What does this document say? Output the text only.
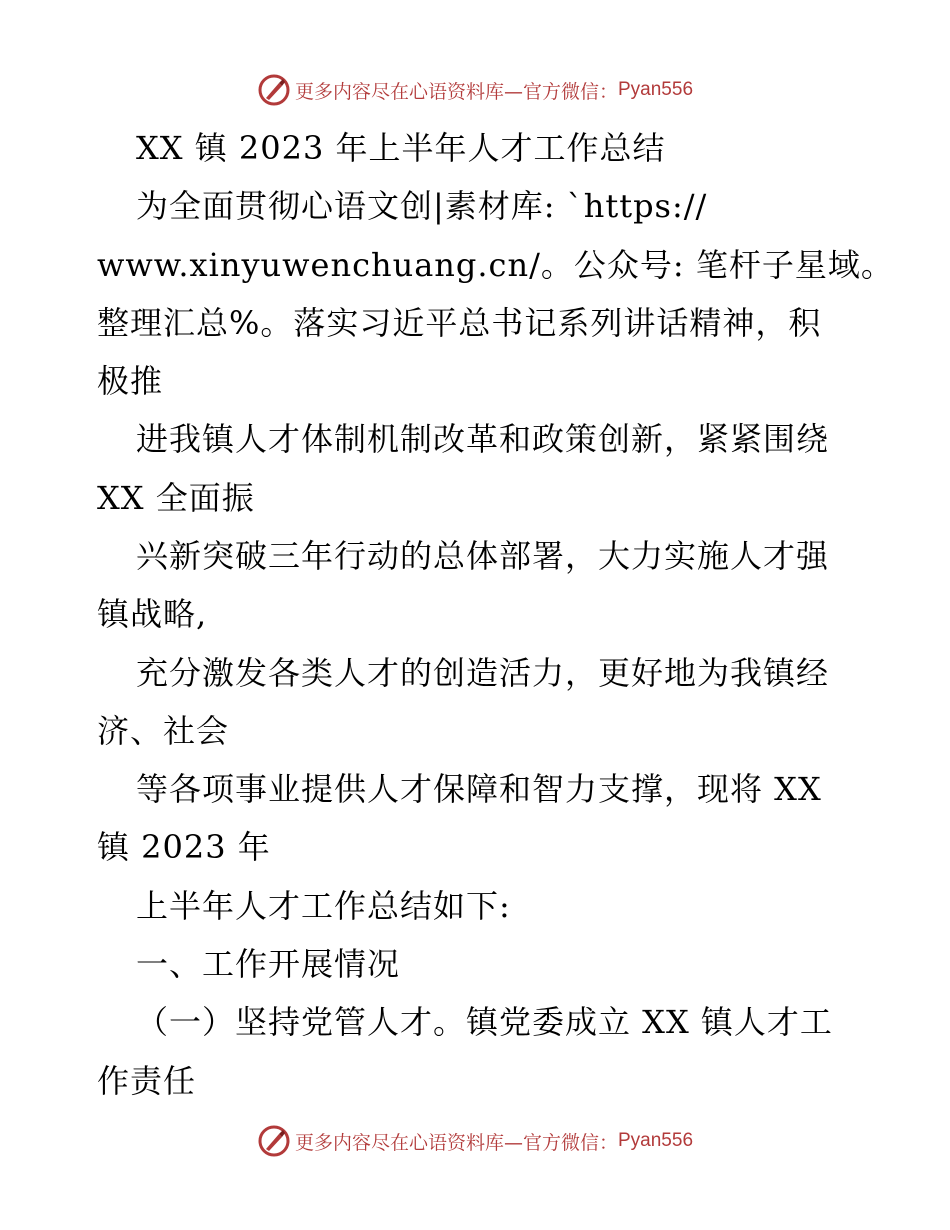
更多内容尽在心语资料库—官方微信： Pyan556
XX 镇 2023 年上半年人才工作总结
为全面贯彻心语文创|素材库: `https://
www.xinyuwenchuang.cn/。公众号: 笔杆子星域。
整理汇总%。落实习近平总书记系列讲话精神，积
极推
进我镇人才体制机制改革和政策创新，紧紧围绕
XX 全面振
兴新突破三年行动的总体部署，大力实施人才强
镇战略,
充分激发各类人才的创造活力，更好地为我镇经
济、社会
等各项事业提供人才保障和智力支撑，现将 XX
镇 2023 年
上半年人才工作总结如下:
一、工作开展情况
（一）坚持党管人才。镇党委成立 XX 镇人才工
作责任
更多内容尽在心语资料库—官方微信： Pyan556
